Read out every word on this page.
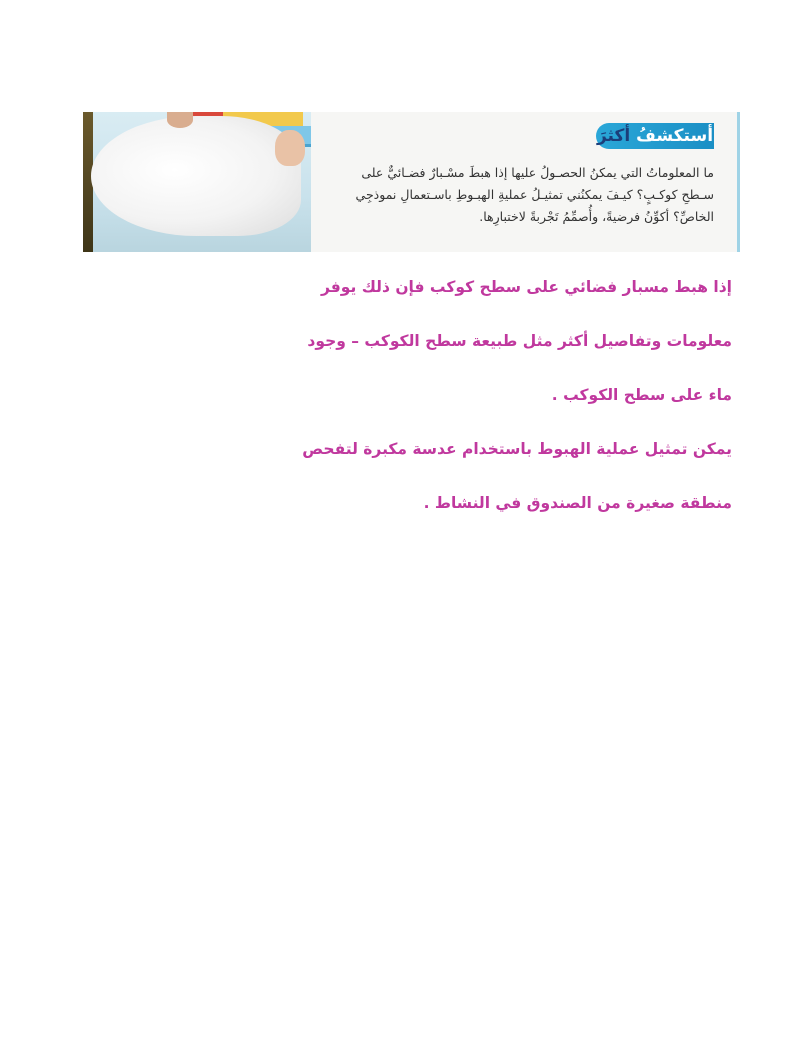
أستكشفُ أكثرَ

ما المعلوماتُ التي يمكنُ الحصـولُ عليها إذا هبطَ مسْـبارٌ فضـائيٌّ على

سـطحِ كوكـبٍ؟ كيـفَ يمكنُني تمثيـلُ عمليةِ الهبـوطِ باسـتعمالِ نموذجِي

الخاصِّ؟ أكوِّنُ فرضيةً، وأُصمِّمُ تَجْربةً لاختبارِها.

إذا هبط مسبار فضائي على سطح كوكب فإن ذلك يوفر
معلومات وتفاصيل أكثر مثل طبيعة سطح الكوكب – وجود
ماء على سطح الكوكب .
يمكن تمثيل عملية الهبوط باستخدام عدسة مكبرة لتفحص
منطقة صغيرة من الصندوق في النشاط .
